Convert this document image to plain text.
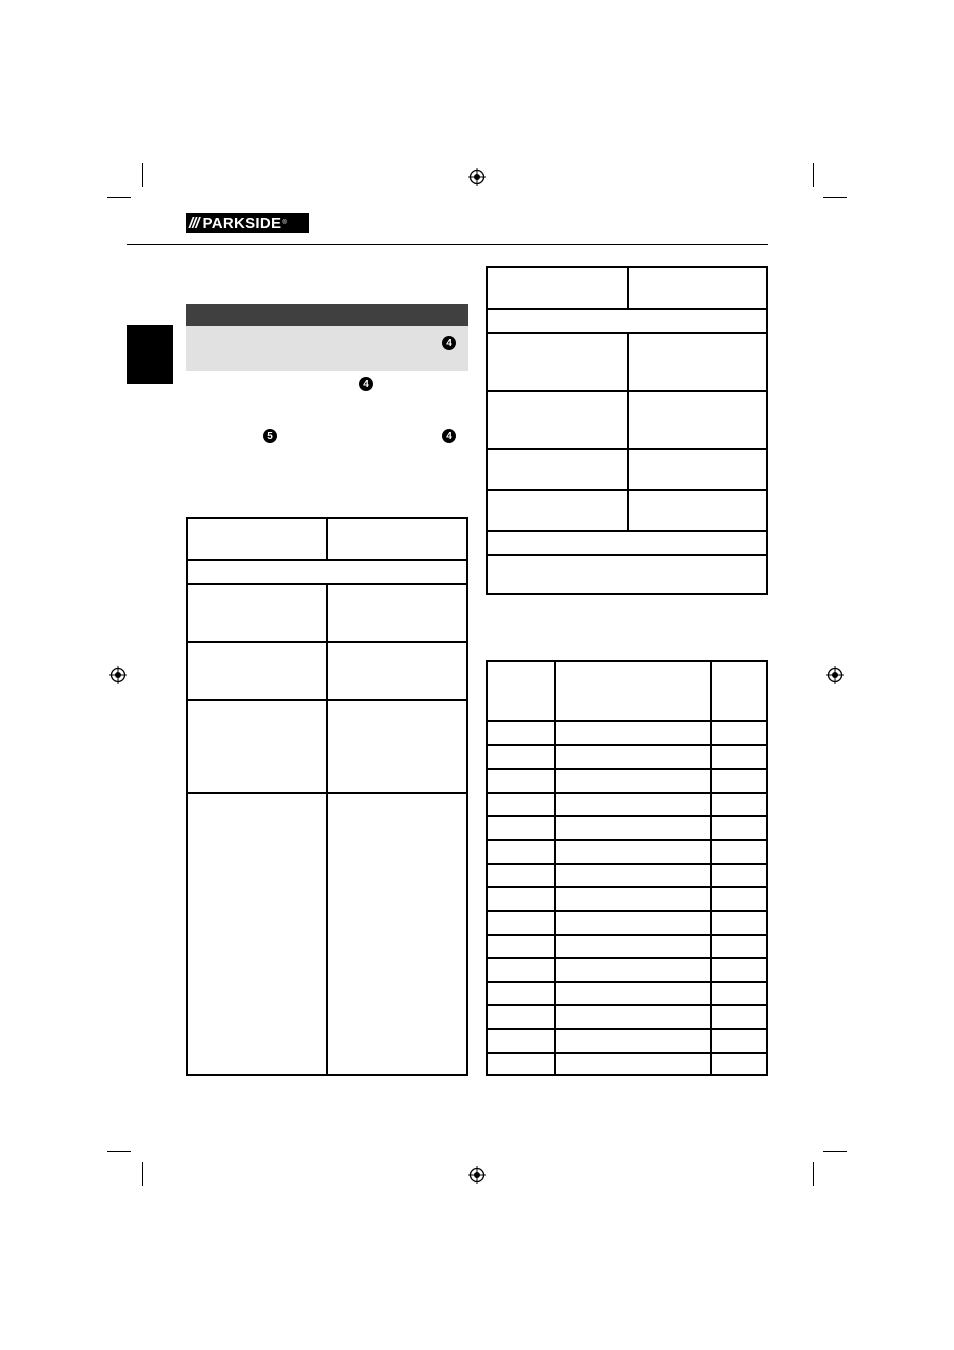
/// PARKSIDE ®
4
4
5	4
